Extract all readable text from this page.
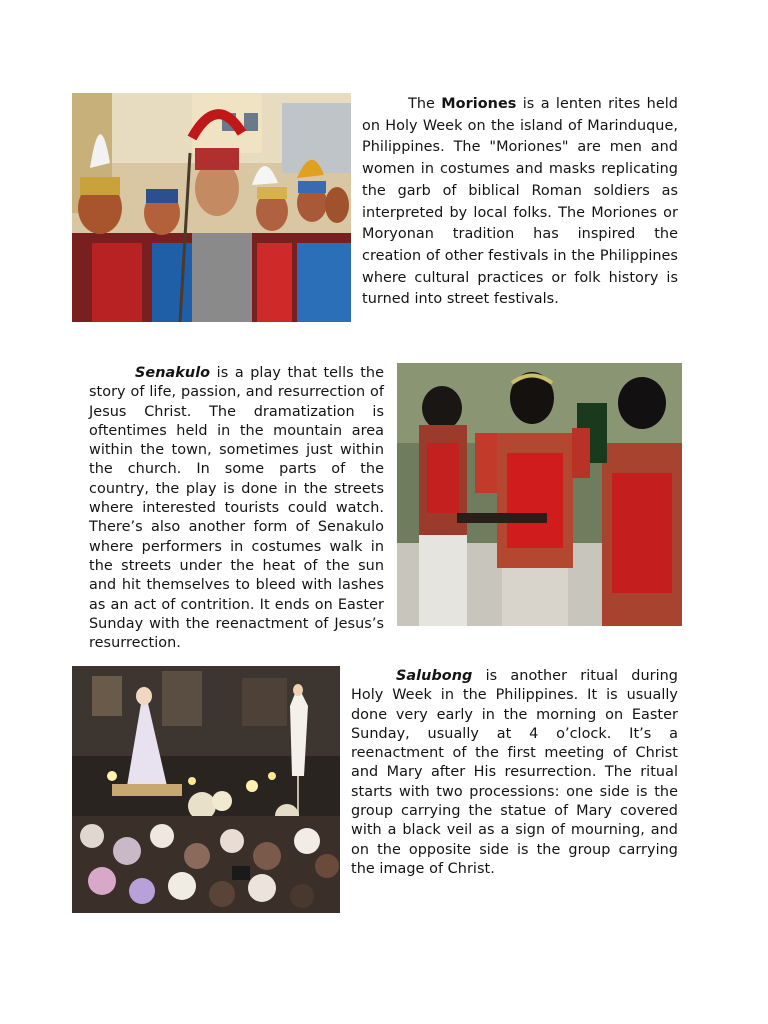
The Moriones is a lenten rites held on Holy Week on the island of Marinduque, Philippines. The "Moriones" are men and women in costumes and masks replicating the garb of biblical Roman soldiers as interpreted by local folks. The Moriones or Moryonan tradition has inspired the creation of other festivals in the Philippines where cultural practices or folk history is turned into street festivals.

Senakulo is a play that tells the story of life, passion, and resurrection of Jesus Christ. The dramatization is oftentimes held in the mountain area within the town, sometimes just within the church. In some parts of the country, the play is done in the streets where interested tourists could watch. There’s also another form of Senakulo where performers in costumes walk in the streets under the heat of the sun and hit themselves to bleed with lashes as an act of contrition. It ends on Easter Sunday with the reenactment of Jesus’s resurrection.

Salubong is another ritual during Holy Week in the Philippines. It is usually done very early in the morning on Easter Sunday, usually at 4 o’clock. It’s a reenactment of the first meeting of Christ and Mary after His resurrection. The ritual starts with two processions: one side is the group carrying the statue of Mary covered with a black veil as a sign of mourning, and on the opposite side is the group carrying the image of Christ.
